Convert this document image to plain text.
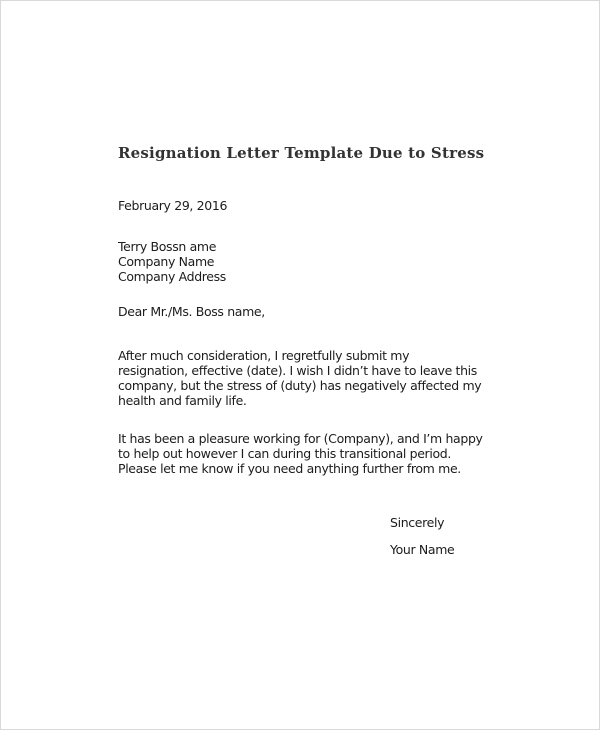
Resignation Letter Template Due to Stress
February 29, 2016
Terry Bossn ame
Company Name
Company Address
Dear Mr./Ms. Boss name,
After much consideration, I regretfully submit my
resignation, effective (date). I wish I didn’t have to leave this
company, but the stress of (duty) has negatively affected my
health and family life.
It has been a pleasure working for (Company), and I’m happy
to help out however I can during this transitional period.
Please let me know if you need anything further from me.
Sincerely
Your Name
